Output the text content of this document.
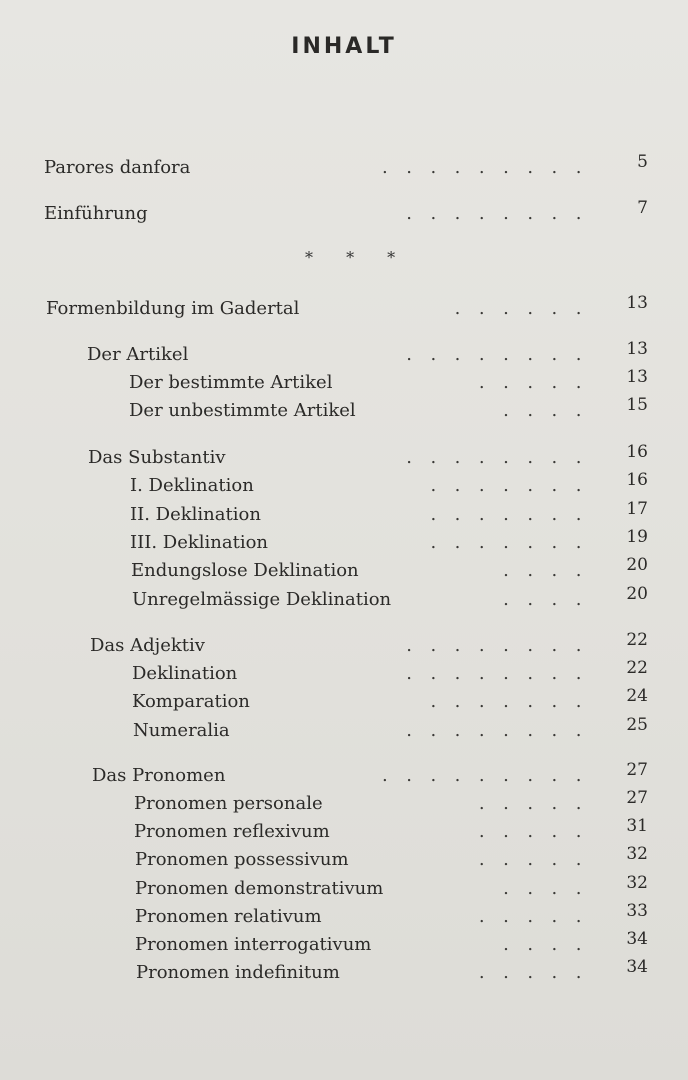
INHALT
* * *
Parores danfora	.........	5
Einführung	........	7
Formenbildung im Gadertal	......	13
Der Artikel	........	13
Der bestimmte Artikel	.....	13
Der unbestimmte Artikel	....	15
Das Substantiv	........	16
I. Deklination	.......	16
II. Deklination	.......	17
III. Deklination	.......	19
Endungslose Deklination	....	20
Unregelmässige Deklination	....	20
Das Adjektiv	........	22
Deklination	........	22
Komparation	.......	24
Numeralia	........	25
Das Pronomen	.........	27
Pronomen personale	.....	27
Pronomen reflexivum	.....	31
Pronomen possessivum	.....	32
Pronomen demonstrativum	....	32
Pronomen relativum	.....	33
Pronomen interrogativum	....	34
Pronomen indefinitum	.....	34
